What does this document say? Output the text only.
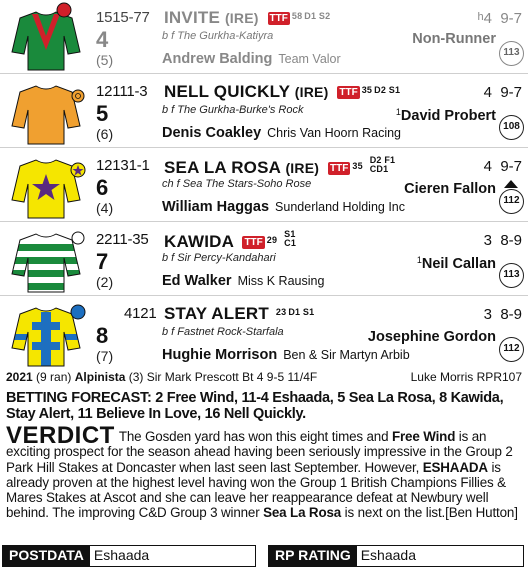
1515-77
4
(5)
INVITE (IRE) TTF $^{58}$ $^{D1 S2}$
b f The Gurkha-Katiyra
Andrew Balding Team Valor
$^h$4 9-7
Non-Runner
113
12111-3
5
(6)
NELL QUICKLY (IRE) TTF $^{35}$ $^{D2 S1}$
b f The Gurkha-Burke's Rock
Denis Coakley Chris Van Hoorn Racing
4 9-7
$^1$David Probert
108
12131-1
6
(4)
SEA LA ROSA (IRE) TTF $^{35}$ D2 F1
CD1
ch f Sea The Stars-Soho Rose
William Haggas Sunderland Holding Inc
4 9-7
Cieren Fallon
112
2211-35
7
(2)
KAWIDA TTF $^{29}$ S1
C1
b f Sir Percy-Kandahari
Ed Walker Miss K Rausing
3 8-9
$^1$Neil Callan
113
4121
8
(7)
STAY ALERT $^{23}$ $^{D1 S1}$
b f Fastnet Rock-Starfala
Hughie Morrison Ben & Sir Martyn Arbib
3 8-9
Josephine Gordon
112
2021 (9 ran) Alpinista (3) Sir Mark Prescott Bt 4 9-5 11/4F	Luke Morris RPR107
BETTING FORECAST: 2 Free Wind, 11-4 Eshaada, 5 Sea La Rosa, 8 Kawida, Stay Alert, 11 Believe In Love, 16 Nell Quickly.
VERDICT The Gosden yard has won this eight times and Free Wind is an exciting prospect for the season ahead having been seriously impressive in the Group 2 Park Hill Stakes at Doncaster when last seen last September. However, ESHAADA is already proven at the highest level having won the Group 1 British Champions Fillies & Mares Stakes at Ascot and she can leave her reappearance defeat at Newbury well behind. The improving C&D Group 3 winner Sea La Rosa is next on the list.[Ben Hutton]
POSTDATA Eshaada	RP RATING Eshaada
